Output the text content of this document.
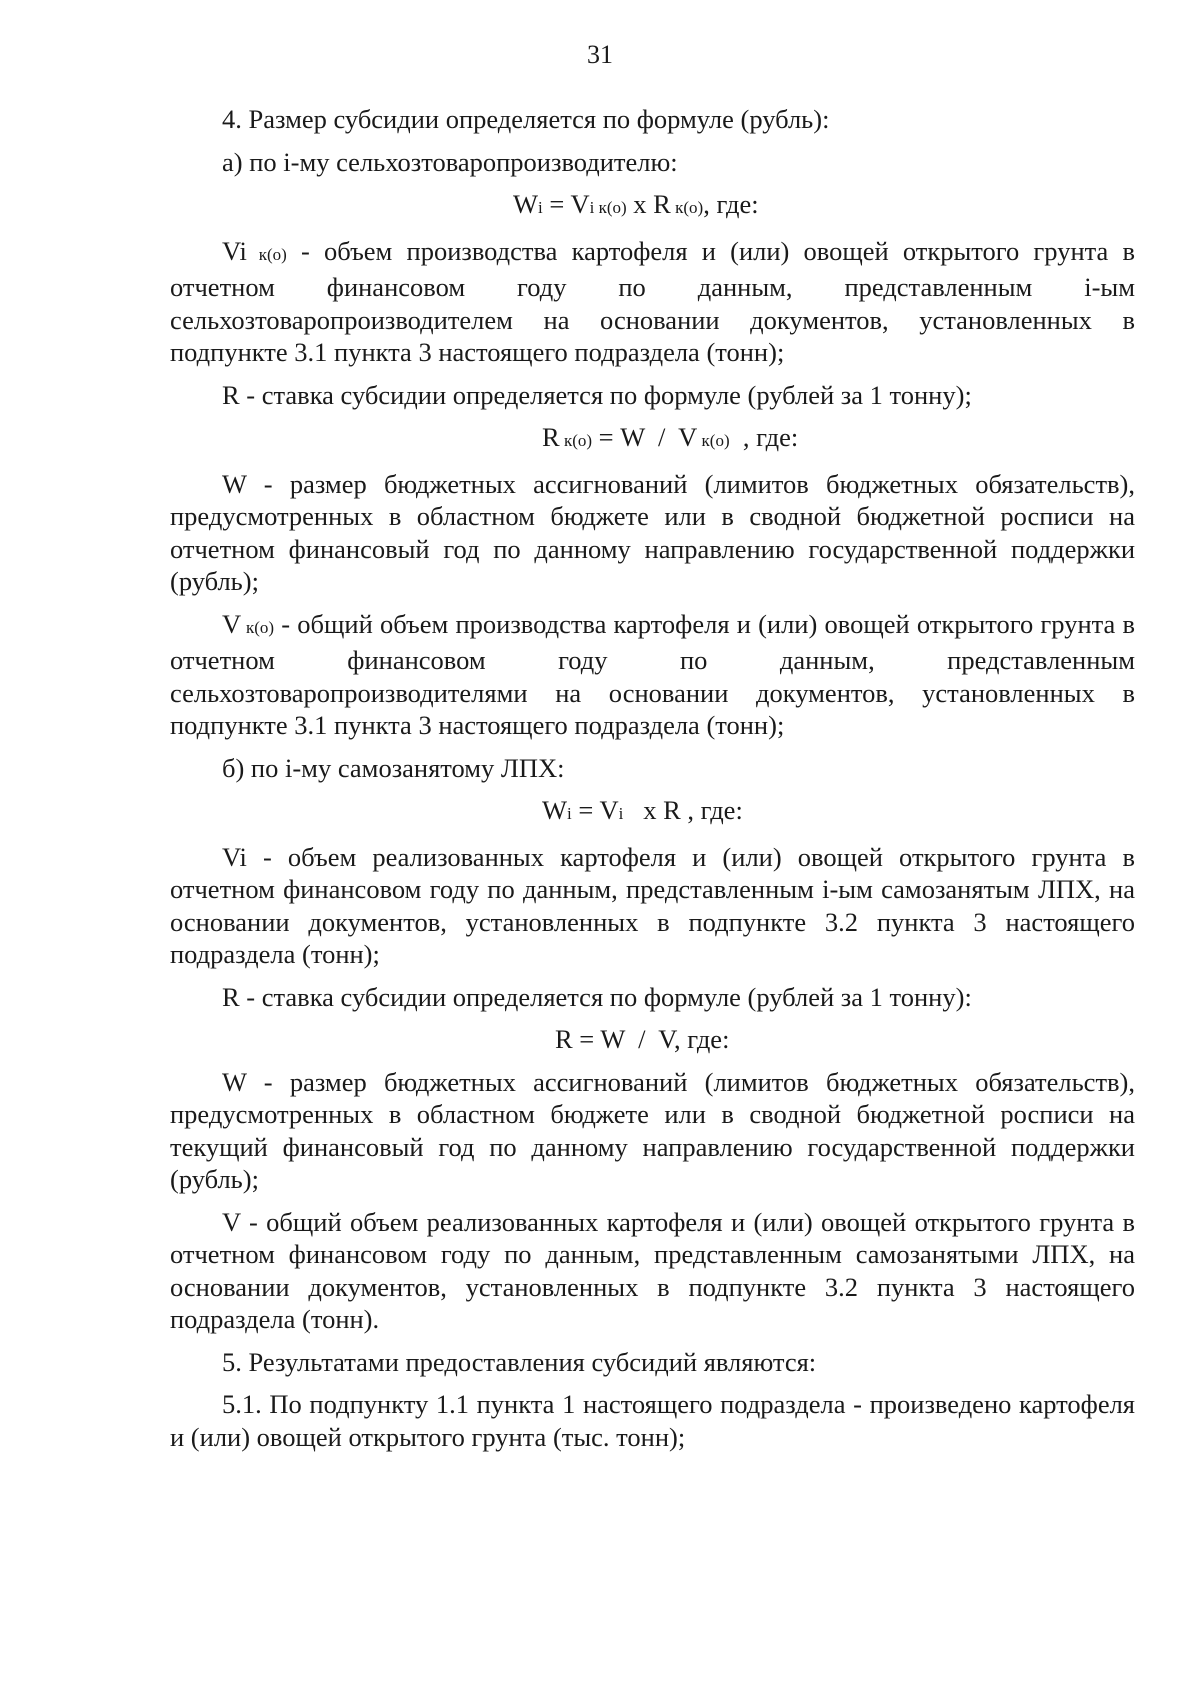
31

4. Размер субсидии определяется по формуле (рубль):

а) по i-му сельхозтоваропроизводителю:

Wi = Vi к(о) x R к(о), где:

Vi к(о) - объем производства картофеля и (или) овощей открытого грунта в отчетном финансовом году по данным, представленным i-ым сельхозтоваропроизводителем на основании документов, установленных в подпункте 3.1 пункта 3 настоящего подраздела (тонн);

R - ставка субсидии определяется по формуле (рублей за 1 тонну);

R к(о) = W  /  V к(о)  , где:

W - размер бюджетных ассигнований (лимитов бюджетных обязательств), предусмотренных в областном бюджете или в сводной бюджетной росписи на отчетном финансовый год по данному направлению государственной поддержки (рубль);

V к(о) - общий объем производства картофеля и (или) овощей открытого грунта в отчетном финансовом году по данным, представленным сельхозтоваропроизводителями на основании документов, установленных в подпункте 3.1 пункта 3 настоящего подраздела (тонн);

б) по i-му самозанятому ЛПХ:

Wi = Vi   x R , где:

Vi - объем реализованных картофеля и (или) овощей открытого грунта в отчетном финансовом году по данным, представленным i-ым самозанятым ЛПХ, на основании документов, установленных в подпункте 3.2 пункта 3 настоящего подраздела (тонн);

R - ставка субсидии определяется по формуле (рублей за 1 тонну):

R = W  /  V, где:

W - размер бюджетных ассигнований (лимитов бюджетных обязательств), предусмотренных в областном бюджете или в сводной бюджетной росписи на текущий финансовый год по данному направлению государственной поддержки (рубль);

V - общий объем реализованных картофеля и (или) овощей открытого грунта в отчетном финансовом году по данным, представленным самозанятыми ЛПХ, на основании документов, установленных в подпункте 3.2 пункта 3 настоящего подраздела (тонн).

5. Результатами предоставления субсидий являются:

5.1. По подпункту 1.1 пункта 1 настоящего подраздела - произведено картофеля и (или) овощей открытого грунта (тыс. тонн);
